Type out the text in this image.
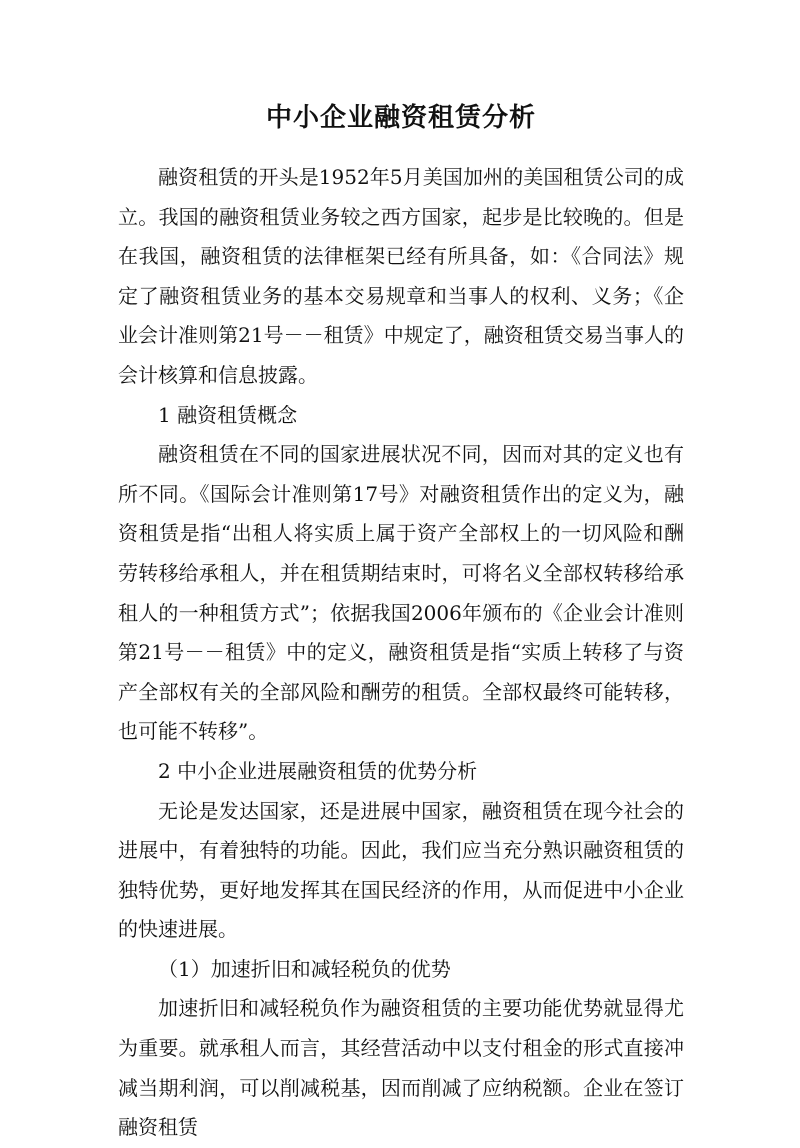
中小企业融资租赁分析

融资租赁的开头是1952年5月美国加州的美国租赁公司的成立。我国的融资租赁业务较之西方国家，起步是比较晚的。但是在我国，融资租赁的法律框架已经有所具备，如：《合同法》规定了融资租赁业务的基本交易规章和当事人的权利、义务；《企业会计准则第21号－－租赁》中规定了，融资租赁交易当事人的会计核算和信息披露。

1 融资租赁概念

融资租赁在不同的国家进展状况不同，因而对其的定义也有所不同。《国际会计准则第17号》对融资租赁作出的定义为，融资租赁是指“出租人将实质上属于资产全部权上的一切风险和酬劳转移给承租人，并在租赁期结束时，可将名义全部权转移给承租人的一种租赁方式”；依据我国2006年颁布的《企业会计准则第21号－－租赁》中的定义，融资租赁是指“实质上转移了与资产全部权有关的全部风险和酬劳的租赁。全部权最终可能转移，也可能不转移”。

2 中小企业进展融资租赁的优势分析

无论是发达国家，还是进展中国家，融资租赁在现今社会的进展中，有着独特的功能。因此，我们应当充分熟识融资租赁的独特优势，更好地发挥其在国民经济的作用，从而促进中小企业的快速进展。

（1）加速折旧和减轻税负的优势

加速折旧和减轻税负作为融资租赁的主要功能优势就显得尤为重要。就承租人而言，其经营活动中以支付租金的形式直接冲减当期利润，可以削减税基，因而削减了应纳税额。企业在签订融资租赁
